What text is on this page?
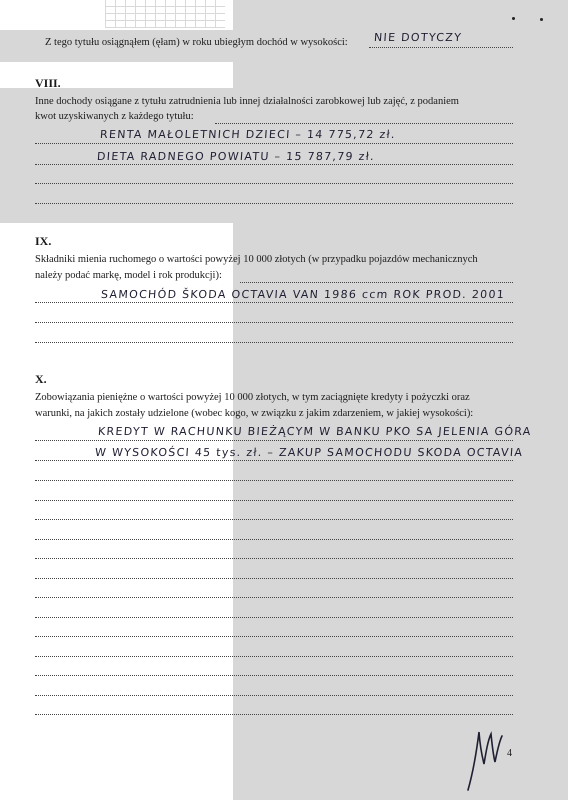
Z tego tytułu osiągnąłem (ęłam) w roku ubiegłym dochód w wysokości: NIE DOTYCZY
VIII.
Inne dochody osiągane z tytułu zatrudnienia lub innej działalności zarobkowej lub zajęć, z podaniem
kwot uzyskiwanych z każdego tytułu:
RENTA MAŁOLETNICH DZIECI – 14 775,72 zł.
DIETA RADNEGO POWIATU – 15 787,79 zł.
IX.
Składniki mienia ruchomego o wartości powyżej 10 000 złotych (w przypadku pojazdów mechanicznych
należy podać markę, model i rok produkcji):
SAMOCHÓD ŠKODA OCTAVIA VAN 1986 ccm ROK PROD. 2001
X.
Zobowiązania pieniężne o wartości powyżej 10 000 złotych, w tym zaciągnięte kredyty i pożyczki oraz
warunki, na jakich zostały udzielone (wobec kogo, w związku z jakim zdarzeniem, w jakiej wysokości):
KREDYT W RACHUNKU BIEŻĄCYM W BANKU PKO SA JELENIA GÓRA
W WYSOKOŚCI 45 tys. zł. – ZAKUP SAMOCHODU SKODA OCTAVIA
4
